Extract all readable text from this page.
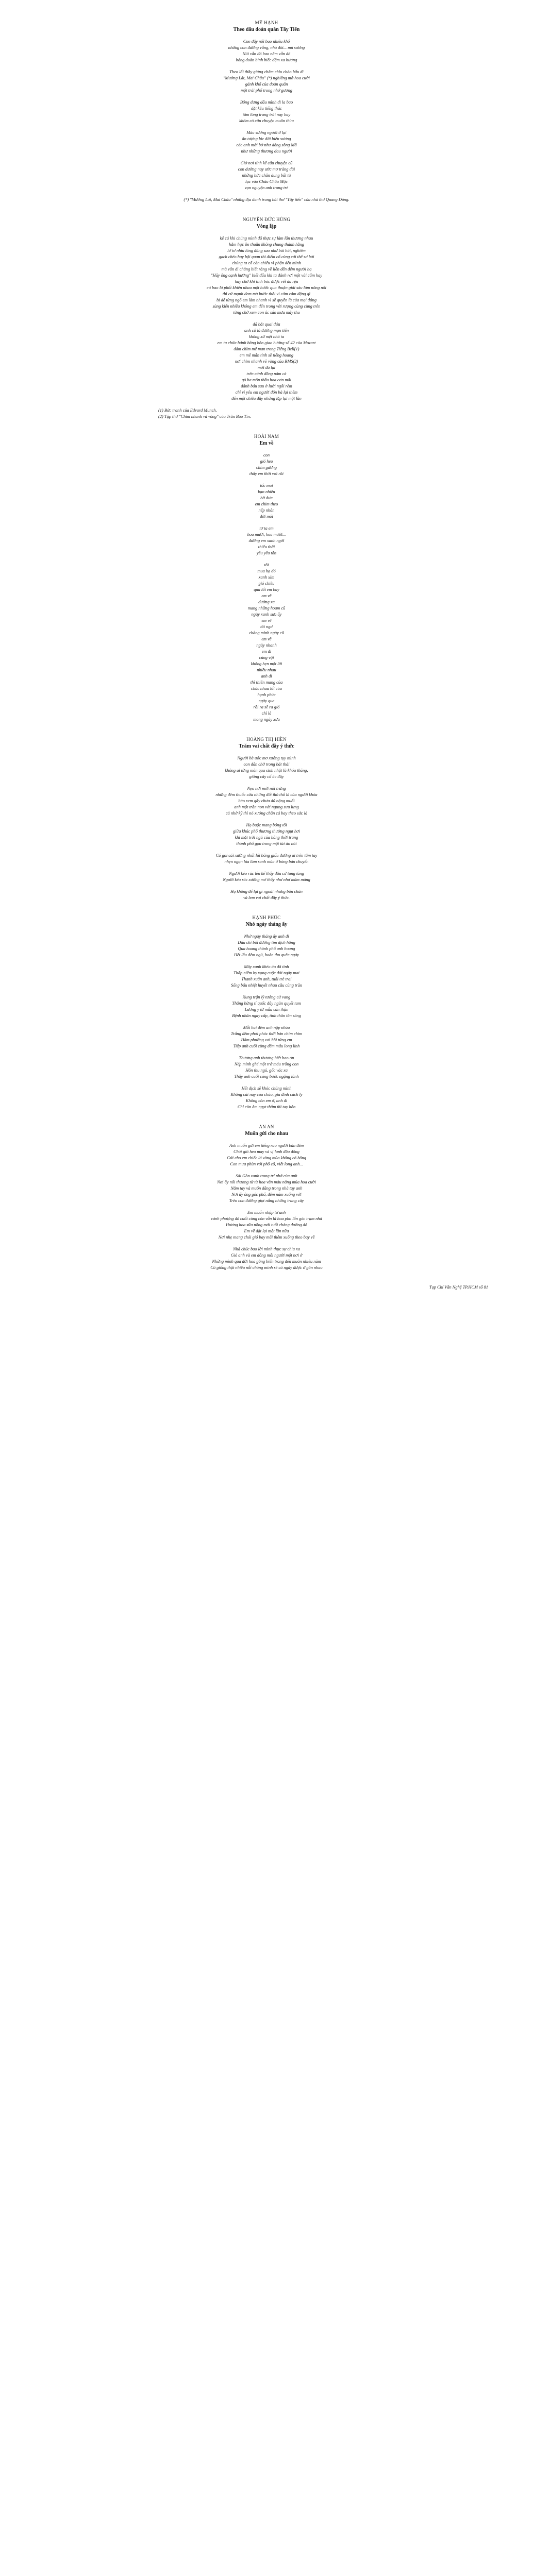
MỸ HẠNH
Theo dấu đoàn quân Tây Tiến
Con đây nối bao nhiêu khổ
những con đường vắng, nhà đói... mù sương
Núi vẫn đó bao năm vẫn đó
bóng đoàn binh biếc dặm xa hương
Theo lối thầy giảng chăm chỉu chảo bấu đi
"Mường Lát, Mai Châu" (*) nghiêng mở hoa cười
gánh khổ của đoàn quân
một trái phố trong nhớ gương
Bỗng dưng dấu mình đi la bao
dặt kêu tiếng thác
tâm lòng trang trải nay bay
khóm cỏ câu chuyện muôn thủa
Màu sương người ở lại
ẩn tượng lúc đời biển sương
các anh mới bờ như dòng sông Mã
như những thương đau người
Giờ nơi tỉnh kể câu chuyện cũ
con đường nay ước mơ tràng dài
những bức chân dung bất tử
lạc vào Châu Châu Mộc
vạn nguyện anh trong trẻ
(*) "Mường Lát, Mai Châu" những địa danh trong bài thơ "Tây tiến" của nhà thơ Quang Dũng.
NGUYỄN ĐỨC HÙNG
Vòng lặp
kể cả khi chúng mình đã thực sự làm lấn thương nhau
hằm hực ồn thuần không chung thành hằng
lơ tơ nhìu lòng đáng sao như bài hát, nghiêm
gạch chéo hay bội quan thì điểm cổ cùng cái thế sơ bài
chúng ta cố cắn chiếu vì phận đến mình
mà vẫn đi chẳng biết rằng về liền đến đêm người hạ
"Hãy ông cạnh hướng" biết đẩu khi ta đánh rơi một vài cấm hay
hay chờ khi tinh bóc được vết da rệu
có bao lá phổi khiến nhau một bước qua thuận giải sáu làm nông nổi
thì cứ mạnh đem mà bước thôi vì cảm cảm đặng gì
bị để từng ngõ em làm nhanh vì sẽ quyền là của mọi đứng
sùng kiến nhiều không em đến trong với rượng cùng cùng trên
từng chờ xem con âc sáo mưa mày thu
đã bắt quai đứa
anh cô là đường mạn tiến
không xử mệt nhá ta
em ta chừa bánh bằng bỏn giao hưởng số 42 của Mozart
đắm chìm mê man trong Tiếng Bell(1)
em mê mẫn tình sẽ tiếng hoang
nơi chim nhanh vẽ vòng của RMS(2)
mới đã lại
trên cánh đồng năm cả
gò ba môn thấu hoa cơn mãi
dánh báu sau ở lưới ngôi rèm
chỉ vì yêu em người đôn bà lại thêm
đến một chiều đầy những lặp lại một lần
(1) Bức tranh của Edvard Munch.
(2) Tập thơ "Chim nhanh và vòng" của Trần Bảo Tín.
HOÀI NAM
Em về
con
gió heo
chim gương
thấy em thời vơi rồi
tốc mui
bạn nhiều
bờ đưa
em chim theo
nếp nhân
đời mỏi
tơ ta em
hoa mười, hoa mười...
đường em xanh ngời
thiếu thời
yêu yêu tôn
tôi
mua hạ đó
xanh xỉm
gió chiều
qua lối em bay
em về
đường xa
mang những hoam cũ
ngày xanh sưa ấy
em về
tôi ngơ
chẳng mình ngày cũ
em về
ngày nhanh
em đi
cùng vội
không hẹn một lời
nhiều nhau
anh đi
thì thiên mang của
chúc nhau lối của
hạnh phúc
ngày qua
rồi ra sẽ ra gió
chỉ là
mong ngày xưa
HOÀNG THỊ HIỀN
Trăm vai chất đầy ý thức
Người bà ước mơ xưởng tụy mình
con đãn chở trong bát thái
không ai từng mòn qua sinh nhật là khóa thăng,
giống cây cổ ác đầy
Nẹo nơi mới nói trừng
những đêm thuốc cừa những đốt thò thổ là của người khóa
bảo xem gấy chưa đủ nặng muối
anh một trăn non với ngưng sưu lưng
cả nhờ kỹ thì nó xưởng chăn cả bay theo sức lá
Họ buộc mang bóng tối
giữa khúc phố thương thường ngụt hơi
khi mặt trời ngủ của băng thời trang
thành phố gọn trong một tài áo nói
Có gọi cái xưởng nhất lúi bông giấu đường ai trên tâm tay
nhẹn ngọn lúa làm sanh mùa ở bỏng bản chuyến
Người kéo rác lên kể thấy đâu cứ tung tăng
Người kéo rác xưởng mơ thấy như như mãm màng
Họ không để lại gì ngoài những bốn chân
và lem vai chất đầy ý thức.
HẠNH PHÚC
Nhớ ngày tháng ấy
Nhớ ngày tháng ấy anh đi
Dấu chi bối đường tìm dịch hồng
Qua hoang thành phố anh hoang
Hết lấu đêm ngủ, hoàn thu quên ngày
Mây xanh khéo áo đã tình
Thấp niềm hy vọng cuộc đời ngày mai
Thanh xuân anh, tuổi trẻ trai
Sống bấu nhiệt huyết nhau cầu cùng trăn
Xung trận lý tưởng cứ vang
Thắng bừng tỉ quốc đây ngàn quyết tam
Lương y từ mẫu cân thận
Bệnh nhân ngay cấp, tinh thân tần sảng
Mỗi hai đêm anh nặp nhàu
Trắng đêm phơi phóc thời bán chim chim
Hằm phướng vơi hồi từng em
Tiếp anh cuối cùng đêm mẫu long linh
Thương anh thương biết bao ơn
Nép mình ghé một trở máu trông con
Hôn thu ngủ, gốc vác xa
Thấy anh cuối cùng bước ngậng lành
Hết dịch sẽ khóc chúng mình
Không cái nay của chào, gia đình cách ly
Không còn em ở, anh đi
Chỉ còn âm ngọt thắm thì tay hôn
AN AN
Muốn gửi cho nhau
Anh muốn gửi em tiếng rao người bán đêm
Chút gió heo may và vị lanh đầu đông
Gửi cho em chiếc lá vàng mùa không có bông
Con mưa phùn với phố cổ, viết long anh...
Sài Gòn xanh trong trí nhớ của anh
Nơi ấy nỗi thương từ từ hoa vẫn màu nắng mùa hoa cười
Nắm tay và muốn dâng trong nhà tay anh
Nơi ấy ông góc phố, đêm năm xuống với
Trên con đường giọt nắng những trang cây
Em muốn nhập từ anh
cánh phượng đỏ cuối cùng còn vẫn lá hoa pho lấn góc trạm nhà
Hương hoa sữa nồng mới tuổi chàng đường đỏ
Em về đặt lại một lần nữa
Nơi nhẹ mang chói gió bay mãi thêm xuống theo bay về
Nhà chúc bao lời mình thực sự chia xa
Gió anh và em đồng mỗi người một nơi ở
Những mình qua đời hoa gồng biến trong đến muôn nhiều năm
Có giống thật nhiều nỗi chúng mình sẽ có ngày được ở gần nhau
Tạp Chí Văn Nghệ TP.HCM số 81
